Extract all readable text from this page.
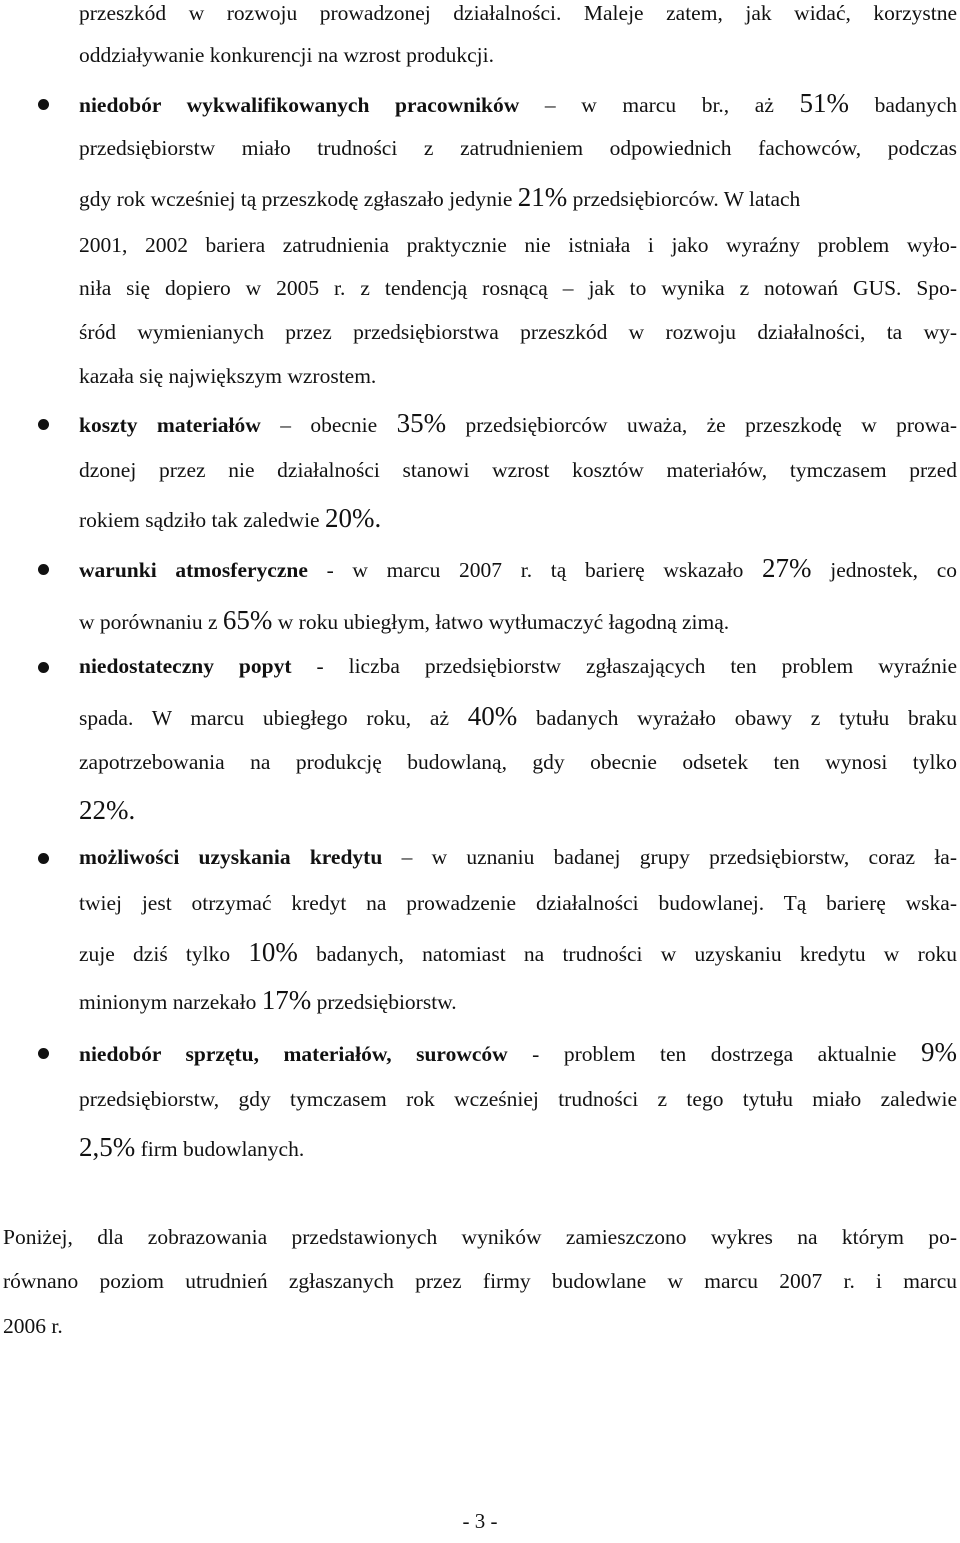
przeszkód w rozwoju prowadzonej działalności. Maleje zatem, jak widać, korzystne
oddziaływanie konkurencji na wzrost produkcji.
niedobór wykwalifikowanych pracowników – w marcu br., aż 51% badanych
przedsiębiorstw miało trudności z zatrudnieniem odpowiednich fachowców, podczas
gdy rok wcześniej tą przeszkodę zgłaszało jedynie 21% przedsiębiorców. W latach
2001, 2002 bariera zatrudnienia praktycznie nie istniała i jako wyraźny problem wyło-
niła się dopiero w 2005 r. z tendencją rosnącą – jak to wynika z notowań GUS. Spo-
śród wymienianych przez przedsiębiorstwa przeszkód w rozwoju działalności, ta wy-
kazała się największym wzrostem.
koszty materiałów – obecnie 35% przedsiębiorców uważa, że przeszkodę w prowa-
dzonej przez nie działalności stanowi wzrost kosztów materiałów, tymczasem przed
rokiem sądziło tak zaledwie 20%.
warunki atmosferyczne - w marcu 2007 r. tą barierę wskazało 27% jednostek, co
w porównaniu z 65% w roku ubiegłym, łatwo wytłumaczyć łagodną zimą.
niedostateczny popyt - liczba przedsiębiorstw zgłaszających ten problem wyraźnie
spada. W marcu ubiegłego roku, aż 40% badanych wyrażało obawy z tytułu braku
zapotrzebowania na produkcję budowlaną, gdy obecnie odsetek ten wynosi tylko
22%.
możliwości uzyskania kredytu – w uznaniu badanej grupy przedsiębiorstw, coraz ła-
twiej jest otrzymać kredyt na prowadzenie działalności budowlanej. Tą barierę wska-
zuje dziś tylko 10% badanych, natomiast na trudności w uzyskaniu kredytu w roku
minionym narzekało 17% przedsiębiorstw.
niedobór sprzętu, materiałów, surowców - problem ten dostrzega aktualnie 9%
przedsiębiorstw, gdy tymczasem rok wcześniej trudności z tego tytułu miało zaledwie
2,5% firm budowlanych.
Poniżej, dla zobrazowania przedstawionych wyników zamieszczono wykres na którym po-
równano poziom utrudnień zgłaszanych przez firmy budowlane w marcu 2007 r. i marcu
2006 r.
- 3 -
